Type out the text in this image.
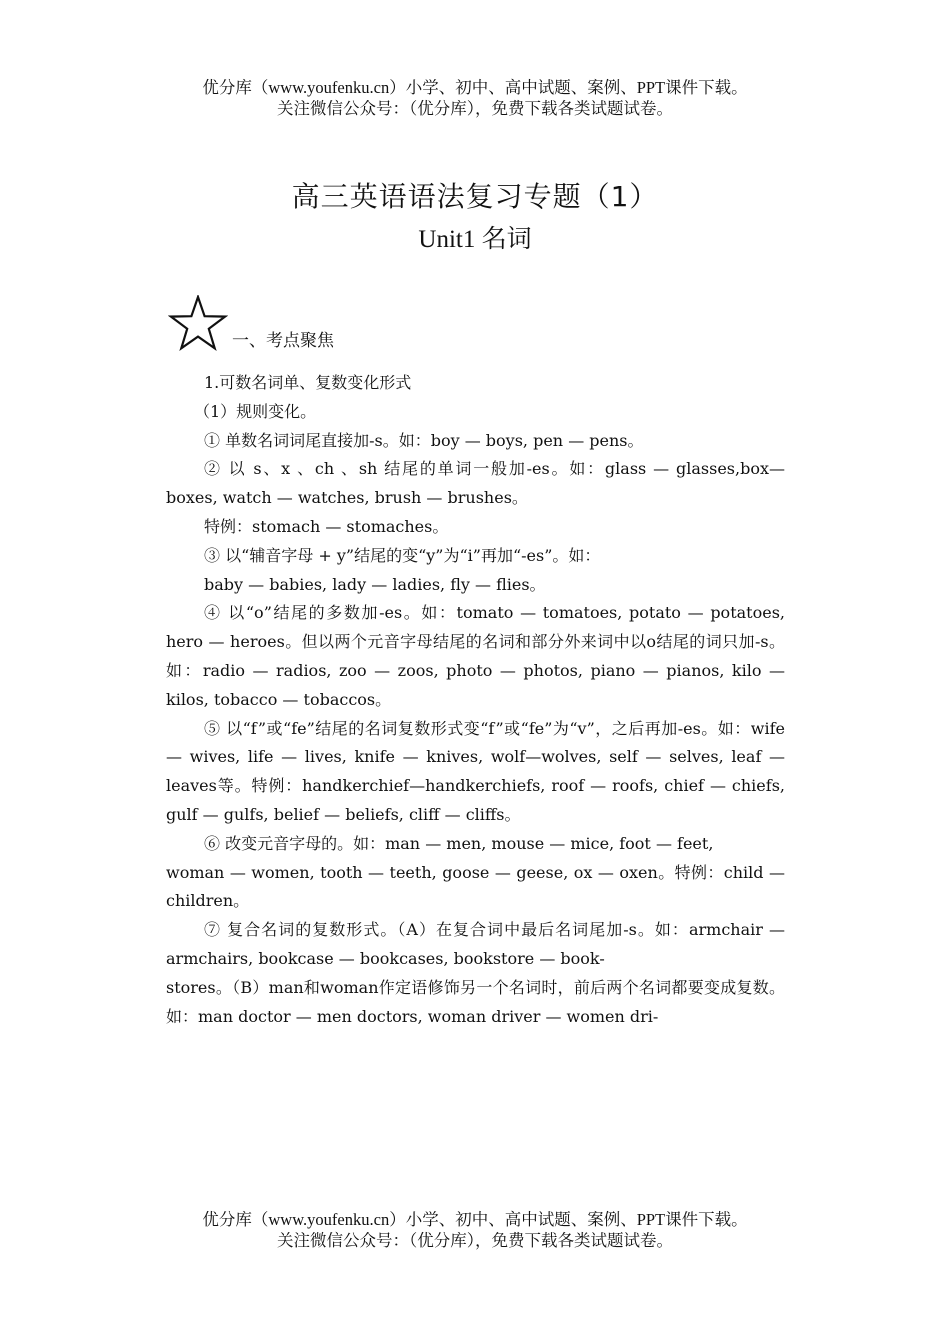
优分库（www.youfenku.cn）小学、初中、高中试题、案例、PPT课件下载。
关注微信公众号：（优分库），免费下载各类试题试卷。
高三英语语法复习专题（1）
Unit1 名词
一、考点聚焦

1.可数名词单、复数变化形式

（1）规则变化。

① 单数名词词尾直接加-s。如：boy — boys, pen — pens。

② 以 s、x 、ch 、sh 结尾的单词一般加-es。如：glass — glasses,box— boxes, watch — watches, brush — brushes。

特例：stomach — stomaches。

③ 以“辅音字母 + y”结尾的变“y”为“i”再加“-es”。如：

baby — babies, lady — ladies, fly — flies。

④ 以“o”结尾的多数加-es。如：tomato — tomatoes, potato — potatoes, hero — heroes。但以两个元音字母结尾的名词和部分外来词中以o结尾的词只加-s。 如：radio — radios, zoo — zoos, photo — photos, piano — pianos, kilo — kilos, tobacco — tobaccos。

⑤ 以“f”或“fe”结尾的名词复数形式变“f”或“fe”为“v”，之后再加-es。如：wife — wives, life — lives, knife — knives, wolf—wolves, self — selves, leaf — leaves等。特例：handkerchief—handkerchiefs, roof — roofs, chief — chiefs, gulf — gulfs, belief — beliefs, cliff — cliffs。

⑥ 改变元音字母的。如：man — men, mouse — mice, foot — feet,

woman — women, tooth — teeth, goose — geese, ox — oxen。特例：child — children。

⑦ 复合名词的复数形式。（A）在复合词中最后名词尾加-s。如：armchair — armchairs, bookcase — bookcases, bookstore — book-

stores。（B）man和woman作定语修饰另一个名词时，前后两个名词都要变成复数。如：man doctor — men doctors, woman driver — women dri-

优分库（www.youfenku.cn）小学、初中、高中试题、案例、PPT课件下载。
关注微信公众号：（优分库），免费下载各类试题试卷。
